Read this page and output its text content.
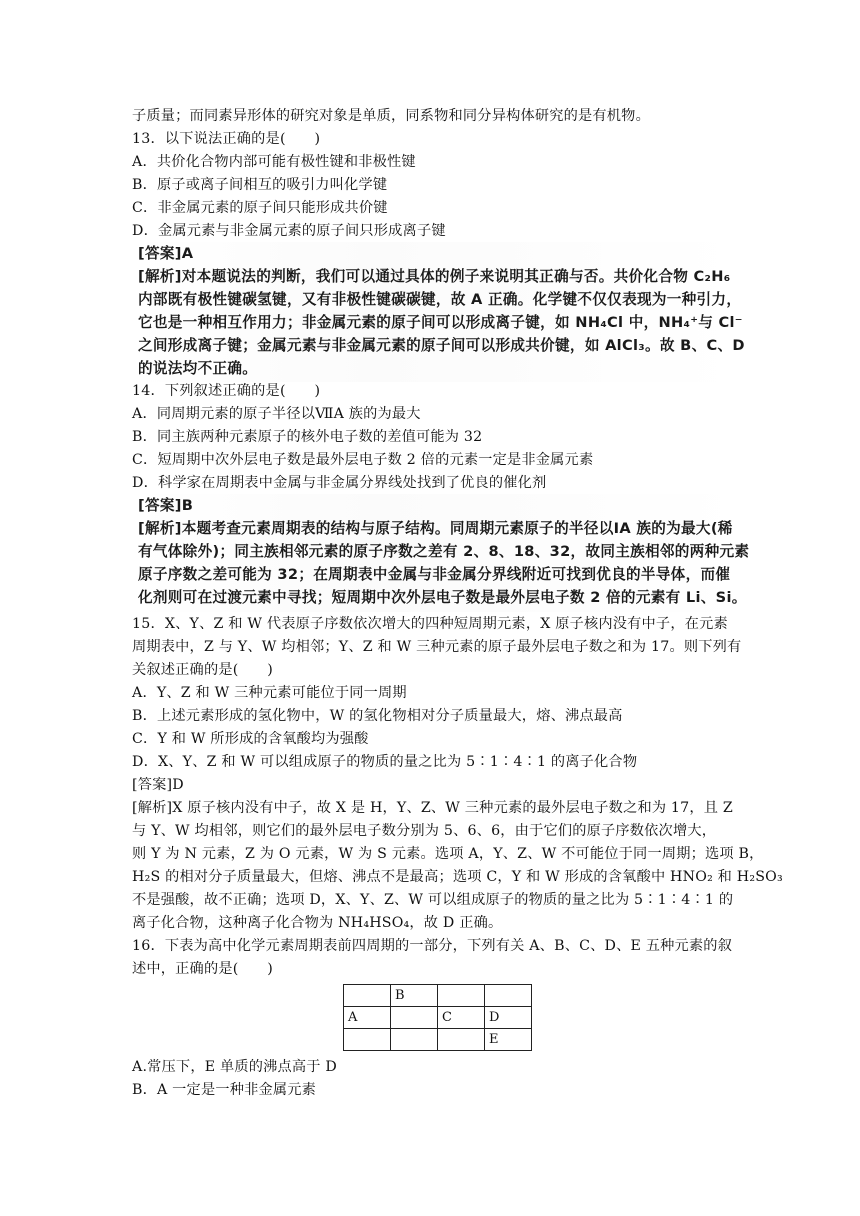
子质量；而同素异形体的研究对象是单质，同系物和同分异构体研究的是有机物。
13．以下说法正确的是(　　)
A．共价化合物内部可能有极性键和非极性键
B．原子或离子间相互的吸引力叫化学键
C．非金属元素的原子间只能形成共价键
D．金属元素与非金属元素的原子间只形成离子键
[答案]A
[解析]对本题说法的判断，我们可以通过具体的例子来说明其正确与否。共价化合物 C₂H₆
内部既有极性键碳氢键，又有非极性键碳碳键，故 A 正确。化学键不仅仅表现为一种引力，
它也是一种相互作用力；非金属元素的原子间可以形成离子键，如 NH₄Cl 中，NH₄⁺与 Cl⁻
之间形成离子键；金属元素与非金属元素的原子间可以形成共价键，如 AlCl₃。故 B、C、D
的说法均不正确。
14．下列叙述正确的是(　　)
A．同周期元素的原子半径以ⅦA 族的为最大
B．同主族两种元素原子的核外电子数的差值可能为 32
C．短周期中次外层电子数是最外层电子数 2 倍的元素一定是非金属元素
D．科学家在周期表中金属与非金属分界线处找到了优良的催化剂
[答案]B
[解析]本题考查元素周期表的结构与原子结构。同周期元素原子的半径以ⅠA 族的为最大(稀
有气体除外)；同主族相邻元素的原子序数之差有 2、8、18、32，故同主族相邻的两种元素
原子序数之差可能为 32；在周期表中金属与非金属分界线附近可找到优良的半导体，而催
化剂则可在过渡元素中寻找；短周期中次外层电子数是最外层电子数 2 倍的元素有 Li、Si。
15．X、Y、Z 和 W 代表原子序数依次增大的四种短周期元素，X 原子核内没有中子，在元素
周期表中，Z 与 Y、W 均相邻；Y、Z 和 W 三种元素的原子最外层电子数之和为 17。则下列有
关叙述正确的是(　　)
A．Y、Z 和 W 三种元素可能位于同一周期
B．上述元素形成的氢化物中，W 的氢化物相对分子质量最大，熔、沸点最高
C．Y 和 W 所形成的含氧酸均为强酸
D．X、Y、Z 和 W 可以组成原子的物质的量之比为 5∶1∶4∶1 的离子化合物
[答案]D
[解析]X 原子核内没有中子，故 X 是 H，Y、Z、W 三种元素的最外层电子数之和为 17，且 Z
与 Y、W 均相邻，则它们的最外层电子数分别为 5、6、6，由于它们的原子序数依次增大，
则 Y 为 N 元素，Z 为 O 元素，W 为 S 元素。选项 A，Y、Z、W 不可能位于同一周期；选项 B，
H₂S 的相对分子质量最大，但熔、沸点不是最高；选项 C，Y 和 W 形成的含氧酸中 HNO₂ 和 H₂SO₃
不是强酸，故不正确；选项 D，X、Y、Z、W 可以组成原子的物质的量之比为 5∶1∶4∶1 的
离子化合物，这种离子化合物为 NH₄HSO₄，故 D 正确。
16．下表为高中化学元素周期表前四周期的一部分，下列有关 A、B、C、D、E 五种元素的叙
述中，正确的是(　　)
	B		
A		C	D
			E
A.常压下，E 单质的沸点高于 D
B．A 一定是一种非金属元素
